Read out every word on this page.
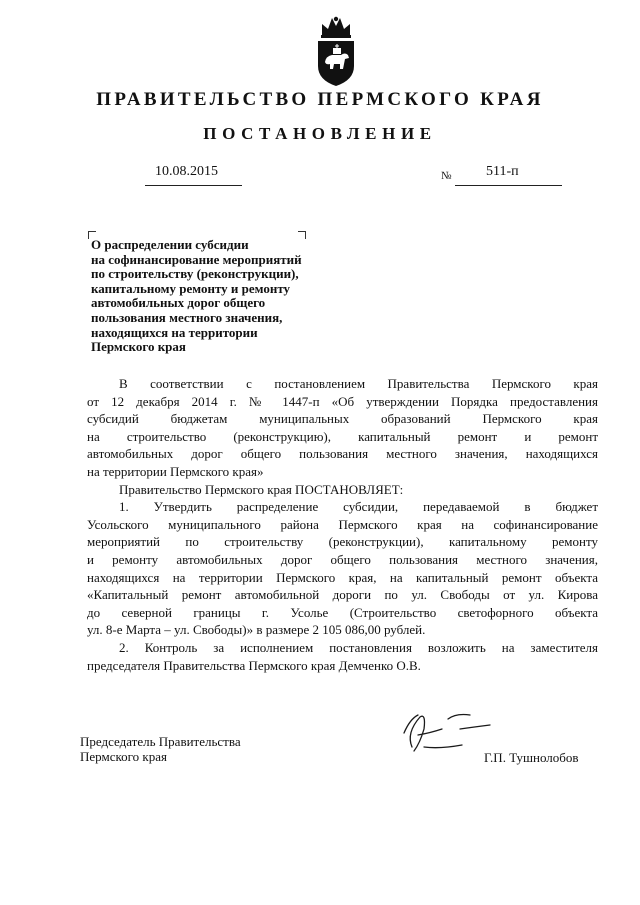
ПРАВИТЕЛЬСТВО ПЕРМСКОГО КРАЯ
ПОСТАНОВЛЕНИЕ
10.08.2015	№ 511-п
О распределении субсидии
на софинансирование мероприятий
по строительству (реконструкции),
капитальному ремонту и ремонту
автомобильных дорог общего
пользования местного значения,
находящихся на территории
Пермского края

В соответствии с постановлением Правительства Пермского края

от 12 декабря 2014 г. № 1447-п «Об утверждении Порядка предоставления

субсидий бюджетам муниципальных образований Пермского края

на строительство (реконструкцию), капитальный ремонт и ремонт

автомобильных дорог общего пользования местного значения, находящихся

на территории Пермского края»

Правительство Пермского края ПОСТАНОВЛЯЕТ:

1. Утвердить распределение субсидии, передаваемой в бюджет

Усольского муниципального района Пермского края на софинансирование

мероприятий по строительству (реконструкции), капитальному ремонту

и ремонту автомобильных дорог общего пользования местного значения,

находящихся на территории Пермского края, на капитальный ремонт объекта

«Капитальный ремонт автомобильной дороги по ул. Свободы от ул. Кирова

до северной границы г. Усолье (Строительство светофорного объекта

ул. 8-е Марта – ул. Свободы)» в размере 2 105 086,00 рублей.

2. Контроль за исполнением постановления возложить на заместителя

председателя Правительства Пермского края Демченко О.В.

Председатель Правительства
Пермского края	Г.П. Тушнолобов
